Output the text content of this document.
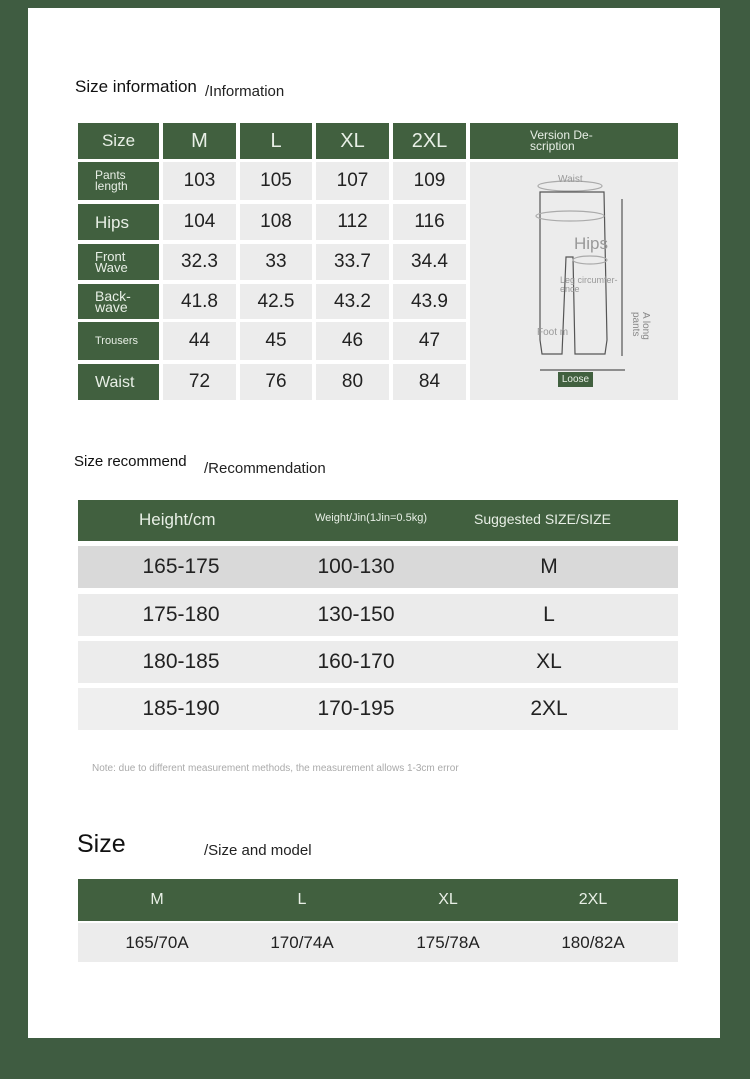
Size information /Information
Version De-
scription
Waist
Hips
Leg circumfer-ence
Foot m	A long pants
Loose
Size recommend /Recommendation
Height/cm	Weight/Jin(1Jin=0.5kg)	Suggested SIZE/SIZE
Note: due to different measurement methods, the measurement allows 1-3cm error
Size	/Size and model
Size	M	L	XL	2XL
Pants length	103	105	107	109
Hips	104	108	112	116
Front Wave	32.3	33	33.7	34.4
Back-wave	41.8	42.5	43.2	43.9
Trousers	44	45	46	47
Waist	72	76	80	84
165-175	100-130	M
175-180	130-150	L
180-185	160-170	XL
185-190	170-195	2XL
M	L	XL	2XL
165/70A	170/74A	175/78A	180/82A
